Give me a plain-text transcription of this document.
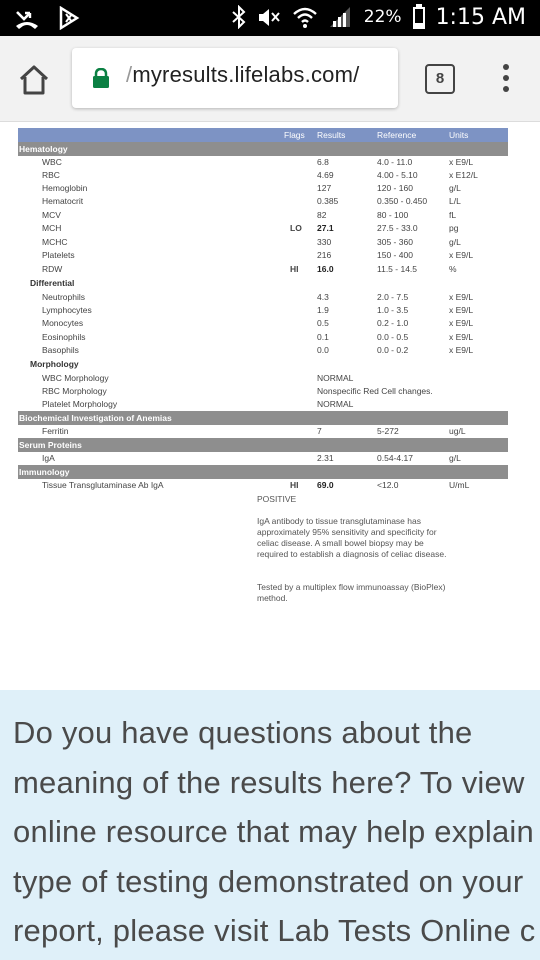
22% 1:15 AM
/myresults.lifelabs.com/	8
Flags Results	Reference	Units
Hematology
WBC	6.8	4.0 - 11.0	x E9/L
RBC	4.69	4.00 - 5.10	x E12/L
Hemoglobin	127	120 - 160	g/L
Hematocrit	0.385	0.350 - 0.450	L/L
MCV	82	80 - 100	fL
MCH	LO 27.1	27.5 - 33.0	pg
MCHC	330	305 - 360	g/L
Platelets	216	150 - 400	x E9/L
RDW	HI 16.0	11.5 - 14.5	%
Differential
Neutrophils	4.3	2.0 - 7.5	x E9/L
Lymphocytes	1.9	1.0 - 3.5	x E9/L
Monocytes	0.5	0.2 - 1.0	x E9/L
Eosinophils	0.1	0.0 - 0.5	x E9/L
Basophils	0.0	0.0 - 0.2	x E9/L
Morphology
WBC Morphology	NORMAL
RBC Morphology	Nonspecific Red Cell changes.
Platelet Morphology	NORMAL
Biochemical Investigation of Anemias
Ferritin	7	5-272	ug/L
Serum Proteins
IgA	2.31	0.54-4.17	g/L
Immunology
Tissue Transglutaminase Ab IgA	HI 69.0	<12.0	U/mL
POSITIVE
IgA antibody to tissue transglutaminase has approximately 95% sensitivity and specificity for celiac disease. A small bowel biopsy may be required to establish a diagnosis of celiac disease.
Tested by a multiplex flow immunoassay (BioPlex) method.
Do you have questions about the
meaning of the results here? To view
online resource that may help explain
type of testing demonstrated on your
report, please visit Lab Tests Online c
